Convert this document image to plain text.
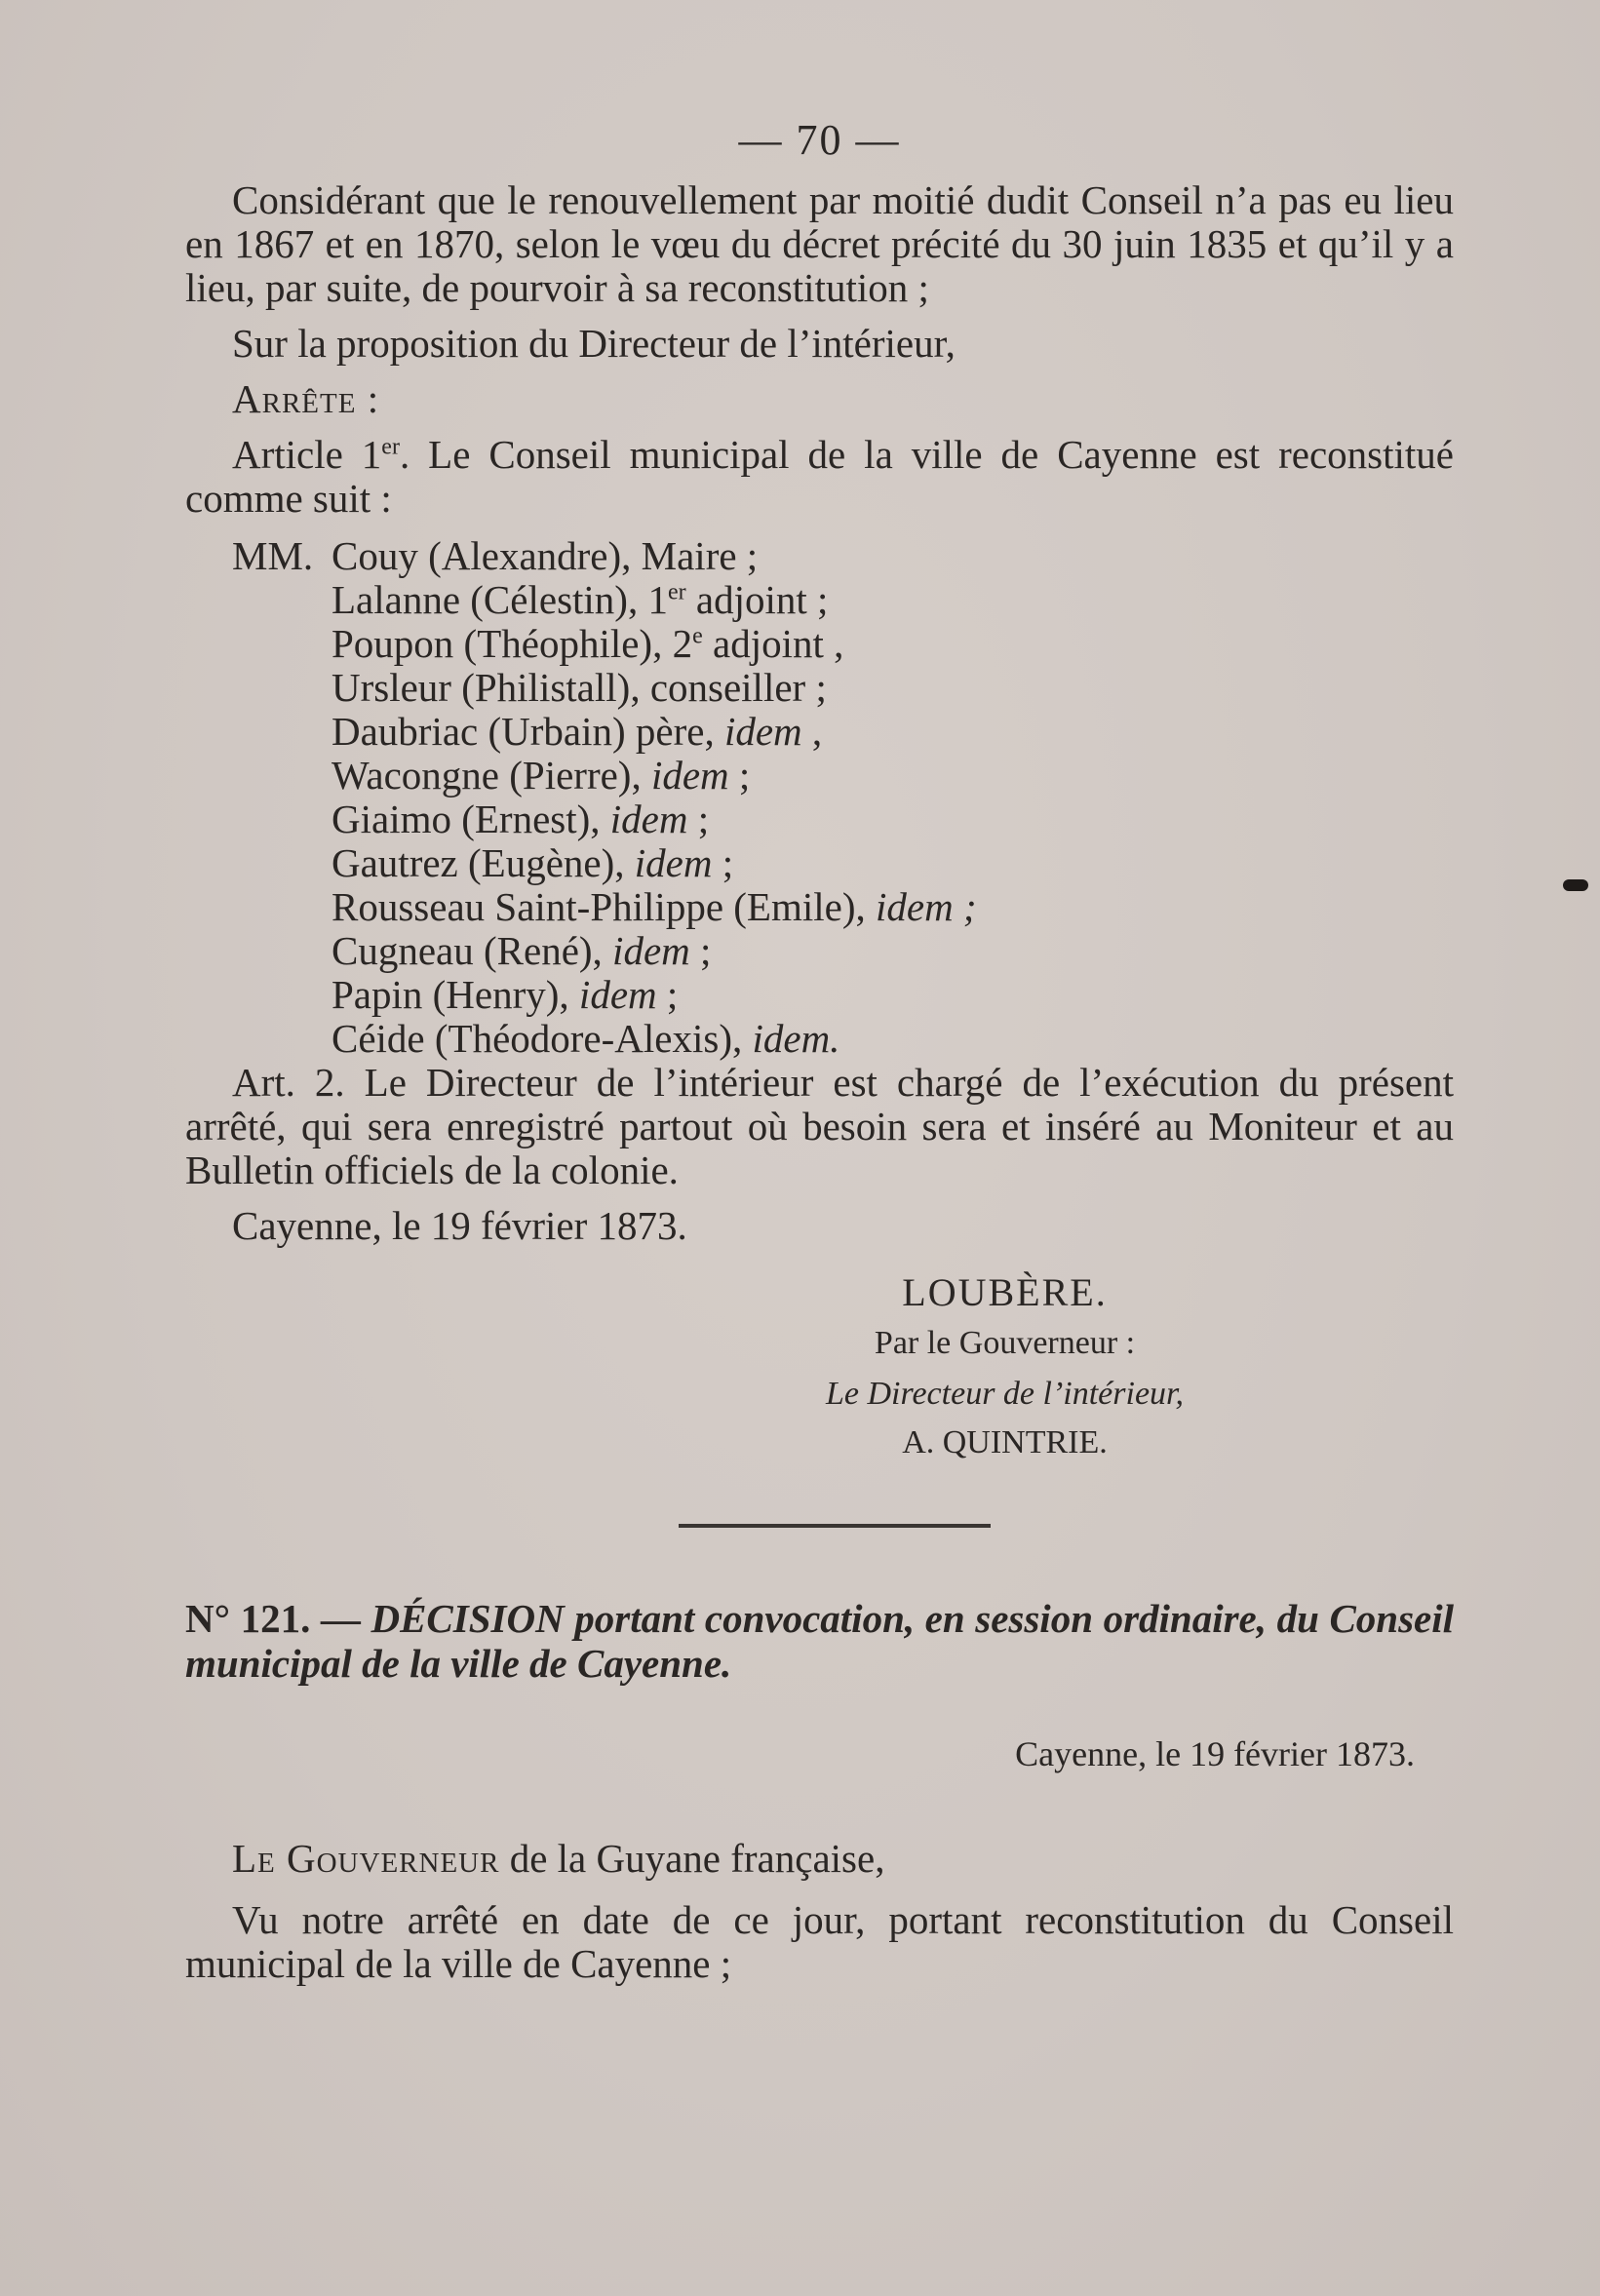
— 70 —

Considérant que le renouvellement par moitié dudit Conseil n’a pas eu lieu en 1867 et en 1870, selon le vœu du décret précité du 30 juin 1835 et qu’il y a lieu, par suite, de pourvoir à sa reconstitution ;

Sur la proposition du Directeur de l’intérieur,

Arrête :

Article 1er. Le Conseil municipal de la ville de Cayenne est reconstitué comme suit :

MM. Couy (Alexandre), Maire ;
Lalanne (Célestin), 1er adjoint ;
Poupon (Théophile), 2e adjoint ,
Ursleur (Philistall), conseiller ;
Daubriac (Urbain) père, idem ,
Wacongne (Pierre), idem ;
Giaimo (Ernest), idem ;
Gautrez (Eugène), idem ;
Rousseau Saint-Philippe (Emile), idem ;
Cugneau (René), idem ;
Papin (Henry), idem ;
Céide (Théodore-Alexis), idem.

Art. 2. Le Directeur de l’intérieur est chargé de l’exécution du présent arrêté, qui sera enregistré partout où besoin sera et inséré au Moniteur et au Bulletin officiels de la colonie.

Cayenne, le 19 février 1873.

LOUBÈRE.
Par le Gouverneur :
Le Directeur de l’intérieur,
A. QUINTRIE.

N° 121. — DÉCISION portant convocation, en session ordinaire, du Conseil municipal de la ville de Cayenne.

Cayenne, le 19 février 1873.

Le Gouverneur de la Guyane française,

Vu notre arrêté en date de ce jour, portant reconstitution du Conseil municipal de la ville de Cayenne ;
